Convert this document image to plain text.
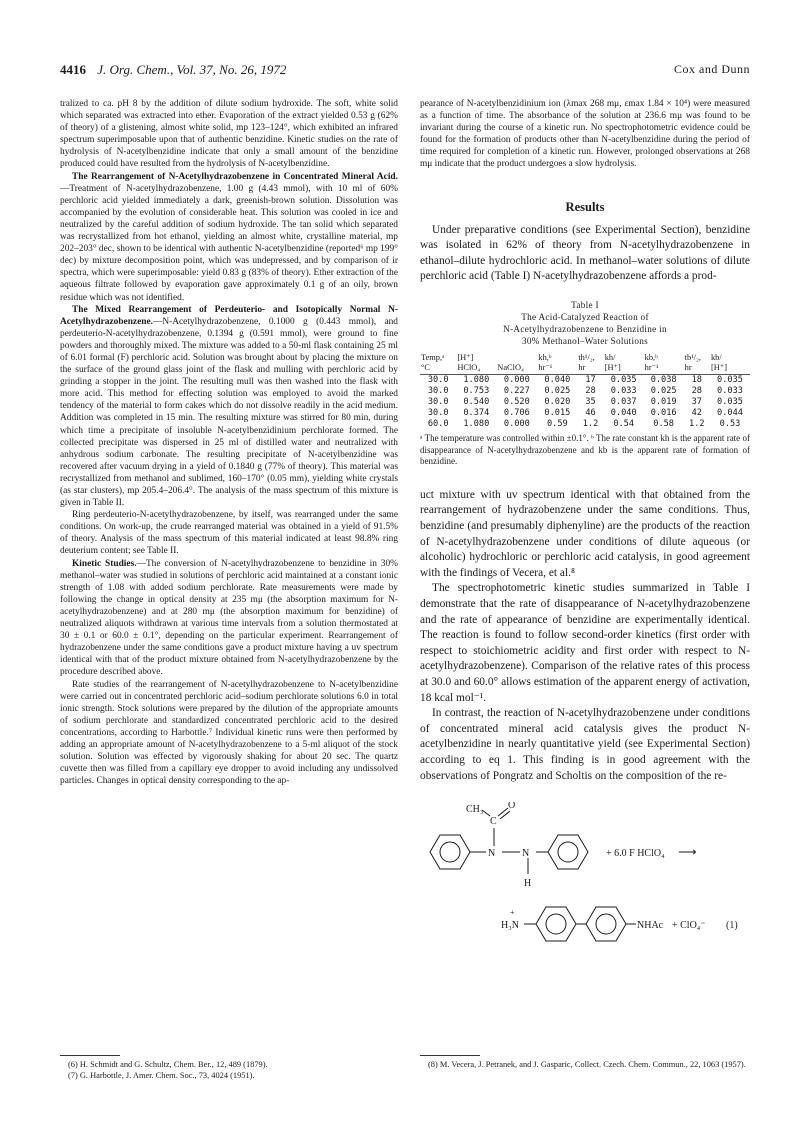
4416 J. Org. Chem., Vol. 37, No. 26, 1972	Cox and Dunn

tralized to ca. pH 8 by the addition of dilute sodium hydroxide. The soft, white solid which separated was extracted into ether. Evaporation of the extract yielded 0.53 g (62% of theory) of a glistening, almost white solid, mp 123–124°, which exhibited an infrared spectrum superimposable upon that of authentic benzidine. Kinetic studies on the rate of hydrolysis of N-acetylbenzidine indicate that only a small amount of the benzidine produced could have resulted from the hydrolysis of N-acetylbenzidine.

The Rearrangement of N-Acetylhydrazobenzene in Concentrated Mineral Acid.—Treatment of N-acetylhydrazobenzene, 1.00 g (4.43 mmol), with 10 ml of 60% perchloric acid yielded immediately a dark, greenish-brown solution. Dissolution was accompanied by the evolution of considerable heat. This solution was cooled in ice and neutralized by the careful addition of sodium hydroxide. The tan solid which separated was recrystallized from hot ethanol, yielding an almost white, crystalline material, mp 202–203° dec, shown to be identical with authentic N-acetylbenzidine (reported⁶ mp 199° dec) by mixture decomposition point, which was undepressed, and by comparison of ir spectra, which were superimposable: yield 0.83 g (83% of theory). Ether extraction of the aqueous filtrate followed by evaporation gave approximately 0.1 g of an oily, brown residue which was not identified.

The Mixed Rearrangement of Perdeuterio- and Isotopically Normal N-Acetylhydrazobenzene.—N-Acetylhydrazobenzene, 0.1000 g (0.443 mmol), and perdeuterio-N-acetylhydrazobenzene, 0.1394 g (0.591 mmol), were ground to fine powders and thoroughly mixed. The mixture was added to a 50-ml flask containing 25 ml of 6.01 formal (F) perchloric acid. Solution was brought about by placing the mixture on the surface of the ground glass joint of the flask and mulling with perchloric acid by grinding a stopper in the joint. The resulting mull was then washed into the flask with more acid. This method for effecting solution was employed to avoid the marked tendency of the material to form cakes which do not dissolve readily in the acid medium. Addition was completed in 15 min. The resulting mixture was stirred for 80 min, during which time a precipitate of insoluble N-acetylbenzidinium perchlorate formed. The collected precipitate was dispersed in 25 ml of distilled water and neutralized with anhydrous sodium carbonate. The resulting precipitate of N-acetylbenzidine was recovered after vacuum drying in a yield of 0.1840 g (77% of theory). This material was recrystallized from methanol and sublimed, 160–170° (0.05 mm), yielding white crystals (as star clusters), mp 205.4–206.4°. The analysis of the mass spectrum of this mixture is given in Table II.

Ring perdeuterio-N-acetylhydrazobenzene, by itself, was rearranged under the same conditions. On work-up, the crude rearranged material was obtained in a yield of 91.5% of theory. Analysis of the mass spectrum of this material indicated at least 98.8% ring deuterium content; see Table II.

Kinetic Studies.—The conversion of N-acetylhydrazobenzene to benzidine in 30% methanol–water was studied in solutions of perchloric acid maintained at a constant ionic strength of 1.08 with added sodium perchlorate. Rate measurements were made by following the change in optical density at 235 mμ (the absorption maximum for N-acetylhydrazobenzene) and at 280 mμ (the absorption maximum for benzidine) of neutralized aliquots withdrawn at various time intervals from a solution thermostated at 30 ± 0.1 or 60.0 ± 0.1°, depending on the particular experiment. Rearrangement of hydrazobenzene under the same conditions gave a product mixture having a uv spectrum identical with that of the product mixture obtained from N-acetylhydrazobenzene by the procedure described above.

Rate studies of the rearrangement of N-acetylhydrazobenzene to N-acetylbenzidine were carried out in concentrated perchloric acid–sodium perchlorate solutions 6.0 in total ionic strength. Stock solutions were prepared by the dilution of the appropriate amounts of sodium perchlorate and standardized concentrated perchloric acid to the desired concentrations, according to Harbottle.⁷ Individual kinetic runs were then performed by adding an appropriate amount of N-acetylhydrazobenzene to a 5-ml aliquot of the stock solution. Solution was effected by vigorously shaking for about 20 sec. The quartz cuvette then was filled from a capillary eye dropper to avoid including any undissolved particles. Changes in optical density corresponding to the ap-

pearance of N-acetylbenzidinium ion (λmax 268 mμ, εmax 1.84 × 10⁴) were measured as a function of time. The absorbance of the solution at 236.6 mμ was found to be invariant during the course of a kinetic run. No spectrophotometric evidence could be found for the formation of products other than N-acetylbenzidine during the period of time required for completion of a kinetic run. However, prolonged observations at 268 mμ indicate that the product undergoes a slow hydrolysis.

Results

Under preparative conditions (see Experimental Section), benzidine was isolated in 62% of theory from N-acetylhydrazobenzene in ethanol–dilute hydrochloric acid. In methanol–water solutions of dilute perchloric acid (Table I) N-acetylhydrazobenzene affords a prod-

Table I
The Acid-Catalyzed Reaction of
N-Acetylhydrazobenzene to Benzidine in
30% Methanol–Water Solutions
Temp,ᵃ	[H⁺]		kh,ᵇ	th¹/₂,	kh/	kb,ᵇ	tb¹/₂,	kb/
°C	HClO₄	NaClO₄	hr⁻¹	hr	[H⁺]	hr⁻¹	hr	[H⁺]
30.0	1.080	0.000	0.040	17	0.035	0.038	18	0.035
30.0	0.753	0.227	0.025	28	0.033	0.025	28	0.033
30.0	0.540	0.520	0.020	35	0.037	0.019	37	0.035
30.0	0.374	0.706	0.015	46	0.040	0.016	42	0.044
60.0	1.080	0.000	0.59	1.2	0.54	0.58	1.2	0.53
ᵃ The temperature was controlled within ±0.1°. ᵇ The rate constant kh is the apparent rate of disappearance of N-acetylhydrazobenzene and kb is the apparent rate of formation of benzidine.

uct mixture with uv spectrum identical with that obtained from the rearrangement of hydrazobenzene under the same conditions. Thus, benzidine (and presumably diphenyline) are the products of the reaction of N-acetylhydrazobenzene under conditions of dilute aqueous (or alcoholic) hydrochloric or perchloric acid catalysis, in good agreement with the findings of Vecera, et al.⁸

The spectrophotometric kinetic studies summarized in Table I demonstrate that the rate of disappearance of N-acetylhydrazobenzene and the rate of appearance of benzidine are experimentally identical. The reaction is found to follow second-order kinetics (first order with respect to stoichiometric acidity and first order with respect to N-acetylhydrazobenzene). Comparison of the relative rates of this process at 30.0 and 60.0° allows estimation of the apparent energy of activation, 18 kcal mol⁻¹.

In contrast, the reaction of N-acetylhydrazobenzene under conditions of concentrated mineral acid catalysis gives the product N-acetylbenzidine in nearly quantitative yield (see Experimental Section) according to eq 1. This finding is in good agreement with the observations of Pongratz and Scholtis on the composition of the re-

CH₃ O
C
N	N
H
+ 6.0 F HClO₄ ⟶
H₃N
+
NHAc + ClO₄⁻ (1)

(6) H. Schmidt and G. Schultz, Chem. Ber., 12, 489 (1879).

(7) G. Harbottle, J. Amer. Chem. Soc., 73, 4024 (1951).

(8) M. Vecera, J. Petranek, and J. Gasparic, Collect. Czech. Chem. Commun., 22, 1063 (1957).
